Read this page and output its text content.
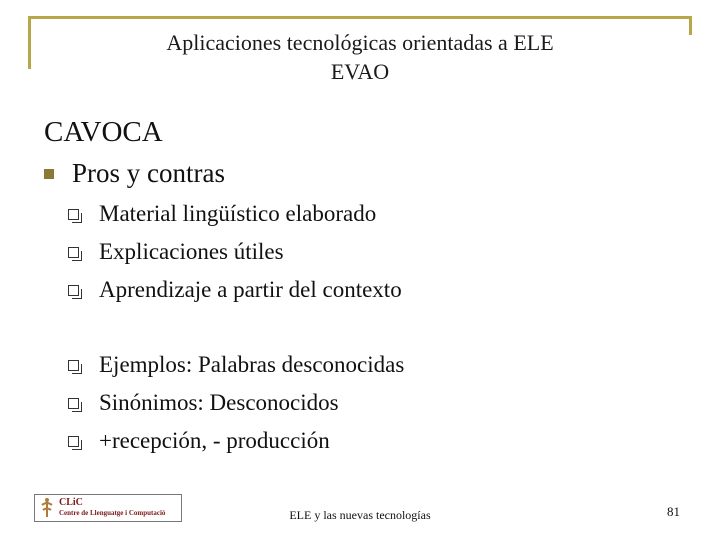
Aplicaciones tecnológicas orientadas a ELE
EVAO
CAVOCA
Pros y contras
Material lingüístico elaborado
Explicaciones útiles
Aprendizaje a partir del contexto
Ejemplos: Palabras desconocidas
Sinónimos: Desconocidos
+recepción, - producción
CLiC
Centre de Llenguatge i Computació	ELE y las nuevas tecnologías	81
